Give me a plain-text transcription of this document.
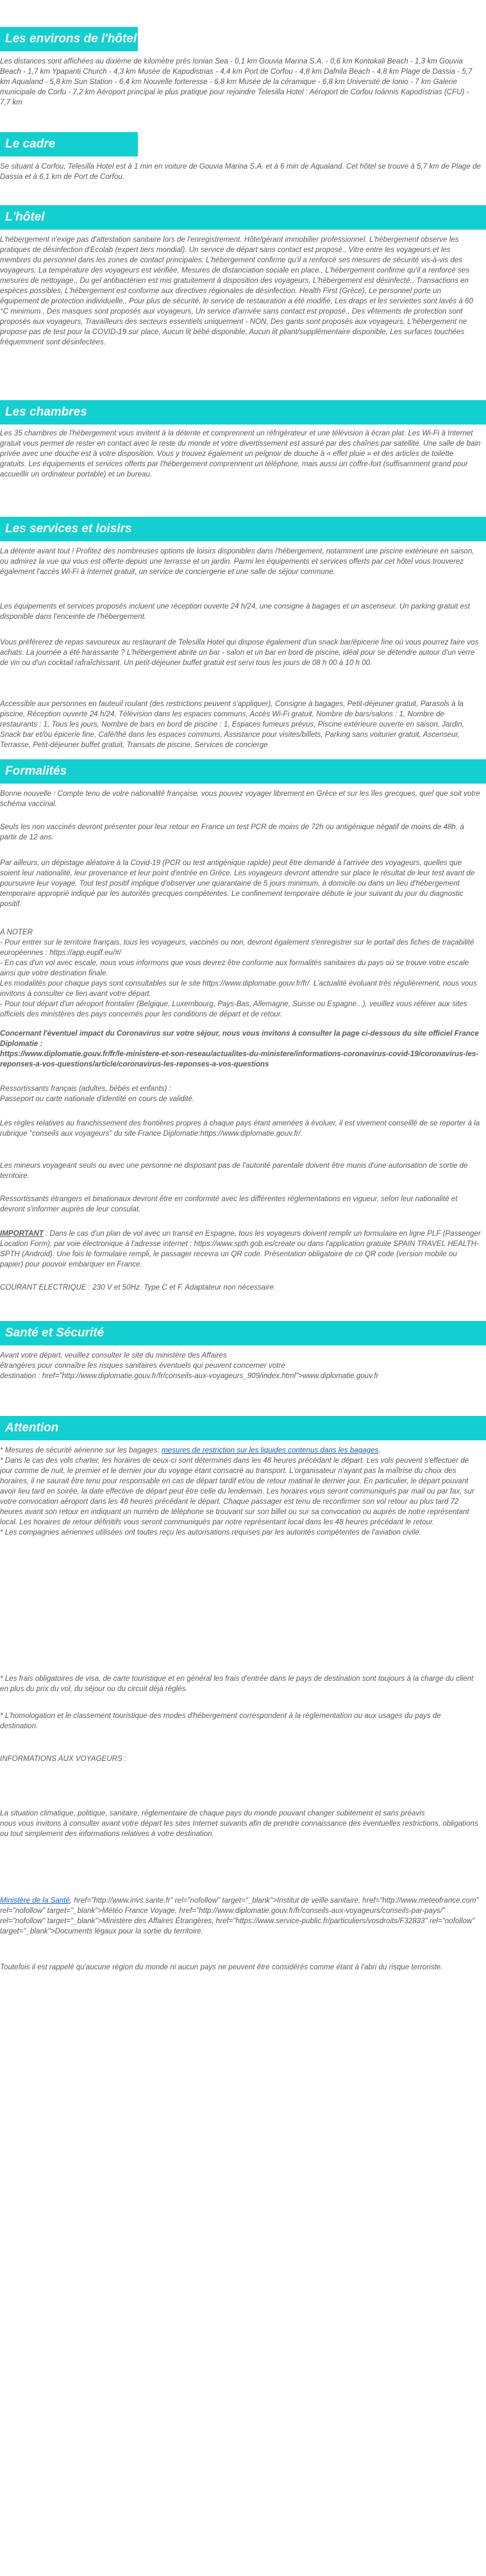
Les environs de l'hôtel
Les distances sont affichées au dixième de kilomètre près Ionian Sea - 0,1 km Gouvia Marina S.A. - 0,6 km Kontokali Beach - 1,3 km Gouvia Beach - 1,7 km Ypapanti Church - 4,3 km Musée de Kapodistrias - 4,4 km Port de Corfou - 4,8 km Dafnila Beach - 4,8 km Plage de Dassia - 5,7 km Aqualand - 5,8 km Sun Station - 6,4 km Nouvelle forteresse - 6,8 km Musée de la céramique - 6,8 km Université de Ionio - 7 km Galerie municipale de Corfu - 7,2 km Aéroport principal le plus pratique pour rejoindre Telesilla Hotel : Aéroport de Corfou Ioánnis Kapodístrias (CFU) - 7,7 km
Le cadre
Se situant à Corfou, Telesilla Hotel est à 1 min en voiture de Gouvia Marina S.A. et à 6 min de Aqualand. Cet hôtel se trouve à 5,7 km de Plage de Dassia et à 6,1 km de Port de Corfou.
L'hôtel
L'hébergement n'exige pas d'attestation sanitaire lors de l'enregistrement. Hôte/gérant immobilier professionnel. L'hébergement observe les pratiques de désinfection d'Ecolab (expert tiers mondial). Un service de départ sans contact est proposé., Vitre entre les voyageurs et les membres du personnel dans les zones de contact principales, L'hébergement confirme qu'il a renforcé ses mesures de sécurité vis-à-vis des voyageurs, La température des voyageurs est vérifiée, Mesures de distanciation sociale en place., L'hébergement confirme qu'il a renforcé ses mesures de nettoyage., Du gel antibactérien est mis gratuitement à disposition des voyageurs, L'hébergement est désinfecté., Transactions en espèces possibles, L'hébergement est conforme aux directives régionales de désinfection. Health First (Grèce), Le personnel porte un équipement de protection individuelle., Pour plus de sécurité, le service de restauration a été modifié, Les draps et les serviettes sont lavés à 60 °C minimum., Des masques sont proposés aux voyageurs, Un service d'arrivée sans contact est proposé., Des vêtements de protection sont proposés aux voyageurs, Travailleurs des secteurs essentiels uniquement - NON, Des gants sont proposés aux voyageurs, L'hébergement ne propose pas de test pour la COVID-19 sur place, Aucun lit bébé disponible, Aucun lit pliant/supplémentaire disponible, Les surfaces touchées fréquemment sont désinfectées.
Les chambres
Les 35 chambres de l'hébergement vous invitent à la détente et comprennent un réfrigérateur et une télévision à écran plat. Les Wi-Fi à Internet gratuit vous permet de rester en contact avec le reste du monde et votre divertissement est assuré par des chaînes par satellite. Une salle de bain privée avec une douche est à votre disposition. Vous y trouvez également un peignoir de douche à « effet pluie » et des articles de toilette gratuits. Les équipements et services offerts par l'hébergement comprennent un téléphone, mais aussi un coffre-fort (suffisamment grand pour accueillir un ordinateur portable) et un bureau.
Les services et loisirs
La détente avant tout ! Profitez des nombreuses options de loisirs disponibles dans l'hébergement, notamment une piscine extérieure en saison, ou admirez la vue qui vous est offerte depuis une terrasse et un jardin. Parmi les équipements et services offerts par cet hôtel vous trouverez également l'accès Wi-Fi à Internet gratuit, un service de conciergerie et une salle de séjour commune.
Les équipements et services proposés incluent une réception ouverte 24 h/24, une consigne à bagages et un ascenseur. Un parking gratuit est disponible dans l'enceinte de l'hébergement.
Vous préférerez de repas savoureux au restaurant de Telesilla Hotel qui dispose également d'un snack bar/épicerie fine où vous pourrez faire vos achats. La journée a été harassante ? L'hébergement abrite un bar - salon et un bar en bord de piscine, idéal pour se détendre autour d'un verre de vin ou d'un cocktail rafraîchissant. Un petit-déjeuner buffet gratuit est servi tous les jours de 08 h 00 à 10 h 00.
Accessible aux personnes en fauteuil roulant (des restrictions peuvent s'appliquer), Consigne à bagages, Petit-déjeuner gratuit, Parasols à la piscine, Réception ouverte 24 h/24, Télévision dans les espaces communs, Accès Wi-Fi gratuit, Nombre de bars/salons : 1, Nombre de restaurants : 1, Tous les jours, Nombre de bars en bord de piscine : 1, Espaces fumeurs prévus, Piscine extérieure ouverte en saison, Jardin, Snack bar et/ou épicerie fine, Café/thé dans les espaces communs, Assistance pour visites/billets, Parking sans voiturier gratuit, Ascenseur, Terrasse, Petit-déjeuner buffet gratuit, Transats de piscine, Services de concierge
Formalités
Bonne nouvelle : Compte tenu de votre nationalité française, vous pouvez voyager librement en Grèce et sur les îles grecques, quel que soit votre schéma vaccinal.
Seuls les non vaccinés devront présenter pour leur retour en France un test PCR de moins de 72h ou antigénique négatif de moins de 48h, à partir de 12 ans.
Par ailleurs, un dépistage aléatoire à la Covid-19 (PCR ou test antigénique rapide) peut être demandé à l'arrivée des voyageurs, quelles que soient leur nationalité, leur provenance et leur point d'entrée en Grèce. Les voyageurs devront attendre sur place le résultat de leur test avant de poursuivre leur voyage. Tout test positif implique d'observer une quarantaine de 5 jours minimum, à domicile ou dans un lieu d'hébergement temporaire approprié indiqué par les autorités grecques compétentes. Le confinement temporaire débute le jour suivant du jour du diagnostic positif.
A NOTER
- Pour entrer sur le territoire français, tous les voyageurs, vaccinés ou non, devront également s'enregistrer sur le portail des fiches de traçabilité européennes : https://app.euplf.eu/#/
- En cas d'un vol avec escale, nous vous informons que vous devrez être conforme aux formalités sanitaires du pays où se trouve votre escale ainsi que votre destination finale.
Les modalités pour chaque pays sont consultables sur le site https://www.diplomatie.gouv.fr/fr/. L'actualité évoluant très régulièrement, nous vous invitons à consulter ce lien avant votre départ.
- Pour tout départ d'un aéroport frontalier (Belgique, Luxembourg, Pays-Bas, Allemagne, Suisse ou Espagne...), veuillez vous référer aux sites officiels des ministères des pays concernés pour les conditions de départ et de retour.
Concernant l'éventuel impact du Coronavirus sur votre séjour, nous vous invitons à consulter la page ci-dessous du site officiel France Diplomatie :
https://www.diplomatie.gouv.fr/fr/le-ministere-et-son-reseau/actualites-du-ministere/informations-coronavirus-covid-19/coronavirus-les-reponses-a-vos-questions/article/coronavirus-les-reponses-a-vos-questions
Ressortissants français (adultes, bébés et enfants) :
Passeport ou carte nationale d'identité en cours de validité.
Les règles relatives au franchissement des frontières propres à chaque pays étant amenées à évoluer, il est vivement conseillé de se reporter à la rubrique "conseils aux voyageurs" du site France Diplomatie:https://www.diplomatie.gouv.fr/.
Les mineurs voyageant seuls ou avec une personne ne disposant pas de l'autorité parentale doivent être munis d'une autorisation de sortie de territoire.
Ressortissants étrangers et binationaux devront être en conformité avec les différentes réglementations en vigueur, selon leur nationalité et devront s'informer auprès de leur consulat.
IMPORTANT : Dans le cas d'un plan de vol avec un transit en Espagne, tous les voyageurs doivent remplir un formulaire en ligne PLF (Passenger Location Form), par voie électronique à l'adresse internet : https://www.spth.gob.es/create ou dans l'application gratuite SPAIN TRAVEL HEALTH-SPTH (Android). Une fois le formulaire rempli, le passager recevra un QR code. Présentation obligatoire de ce QR code (version mobile ou papier) pour pouvoir embarquer en France.
COURANT ELECTRIQUE : 230 V et 50Hz. Type C et F. Adaptateur non nécessaire.
Santé et Sécurité
Avant votre départ, veuillez consulter le site du ministère des Affaires
étrangères pour connaître les risques sanitaires éventuels qui peuvent concerner votre
destination : href="http://www.diplomatie.gouv.fr/fr/conseils-aux-voyageurs_909/index.html">www.diplomatie.gouv.fr
Attention
* Mesures de sécurité aérienne sur les bagages: mesures de restriction sur les liquides contenus dans les bagages.
* Dans le cas des vols charter, les horaires de ceux-ci sont déterminés dans les 48 heures précédant le départ. Les vols peuvent s'effectuer de jour comme de nuit, le premier et le dernier jour du voyage étant consacré au transport. L'organisateur n'ayant pas la maîtrise du choix des horaires, il ne saurait être tenu pour responsable en cas de départ tardif et/ou de retour matinal le dernier jour. En particulier, le départ pouvant avoir lieu tard en soirée, la date effective de départ peut être celle du lendemain. Les horaires vous seront communiqués par mail ou par fax, sur votre convocation aéroport dans les 48 heures précédant le départ. Chaque passager est tenu de reconfirmer son vol retour au plus tard 72 heures avant son retour en indiquant un numéro de téléphone se trouvant sur son billet ou sur sa convocation ou auprès de notre représentant local. Les horaires de retour définitifs vous seront communiqués par notre représentant local dans les 48 heures précédant le retour.
* Les compagnies aériennes utilisées ont toutes reçu les autorisations requises par les autorités compétentes de l'aviation civile.
* Les frais obligatoires de visa, de carte touristique et en général les frais d'entrée dans le pays de destination sont toujours à la charge du client en plus du prix du vol, du séjour ou du circuit déjà réglés.
* L'homologation et le classement touristique des modes d'hébergement correspondent à la réglementation ou aux usages du pays de destination.
INFORMATIONS AUX VOYAGEURS :
La situation climatique, politique, sanitaire, réglementaire de chaque pays du monde pouvant changer subitement et sans préavis
nous vous invitons à consulter avant votre départ les sites Internet suivants afin de prendre connaissance des éventuelles restrictions, obligations ou tout simplement des informations relatives à votre destination.
Ministère de la Santé, href="http://www.invs.sante.fr" rel="nofollow" target="_blank">Institut de veille sanitaire, href="http://www.meteofrance.com" rel="nofollow" target="_blank">Météo France Voyage, href="http://www.diplomatie.gouv.fr/fr/conseils-aux-voyageurs/conseils-par-pays/" rel="nofollow" target="_blank">Ministère des Affaires Étrangères, href="https://www.service-public.fr/particuliers/vosdroits/F32833" rel="nofollow" target="_blank">Documents légaux pour la sortie du territoire.
Toutefois il est rappelé qu'aucune région du monde ni aucun pays ne peuvent être considérés comme étant à l'abri du risque terroriste.
